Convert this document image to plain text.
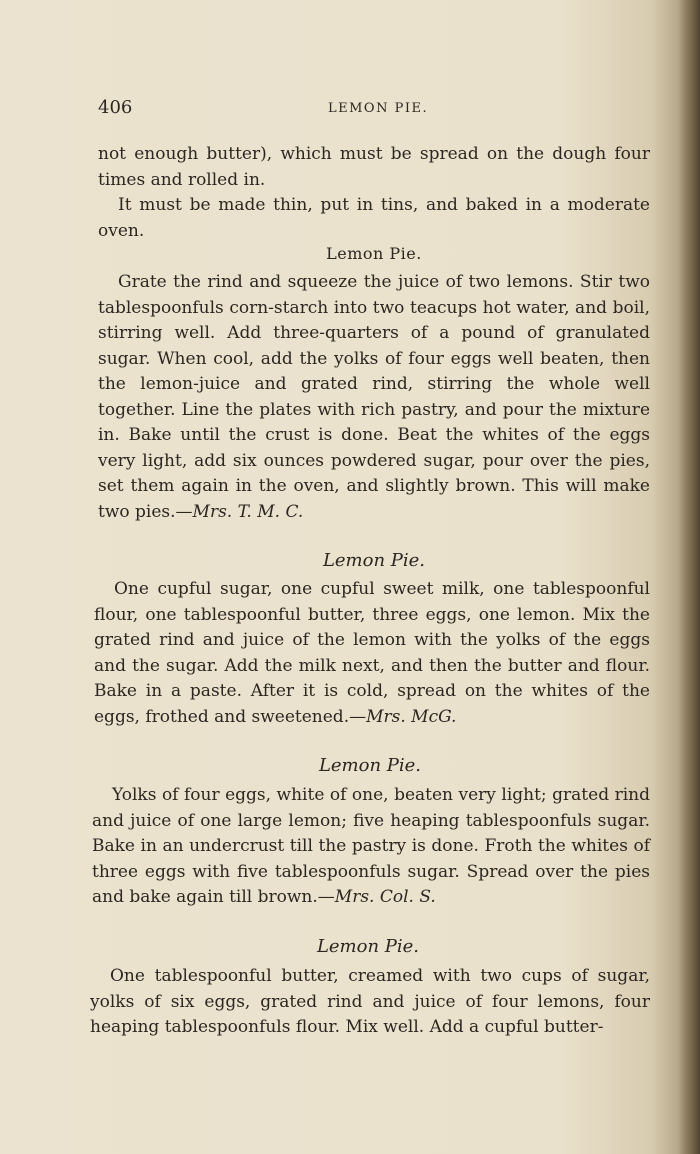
406	LEMON PIE.

not enough butter), which must be spread on the dough four times and rolled in.

It must be made thin, put in tins, and baked in a moderate oven.

Lemon Pie.

Grate the rind and squeeze the juice of two lemons. Stir two tablespoonfuls corn-starch into two teacups hot water, and boil, stirring well. Add three-quarters of a pound of granulated sugar. When cool, add the yolks of four eggs well beaten, then the lemon-juice and grated rind, stirring the whole well together. Line the plates with rich pastry, and pour the mixture in. Bake until the crust is done. Beat the whites of the eggs very light, add six ounces powdered sugar, pour over the pies, set them again in the oven, and slightly brown. This will make two pies.—Mrs. T. M. C.

Lemon Pie.

One cupful sugar, one cupful sweet milk, one tablespoonful flour, one tablespoonful butter, three eggs, one lemon. Mix the grated rind and juice of the lemon with the yolks of the eggs and the sugar. Add the milk next, and then the butter and flour. Bake in a paste. After it is cold, spread on the whites of the eggs, frothed and sweetened.—Mrs. McG.

Lemon Pie.

Yolks of four eggs, white of one, beaten very light; grated rind and juice of one large lemon; five heaping tablespoonfuls sugar. Bake in an undercrust till the pastry is done. Froth the whites of three eggs with five tablespoonfuls sugar. Spread over the pies and bake again till brown.—Mrs. Col. S.

Lemon Pie.

One tablespoonful butter, creamed with two cups of sugar, yolks of six eggs, grated rind and juice of four lemons, four heaping tablespoonfuls flour. Mix well. Add a cupful butter-
